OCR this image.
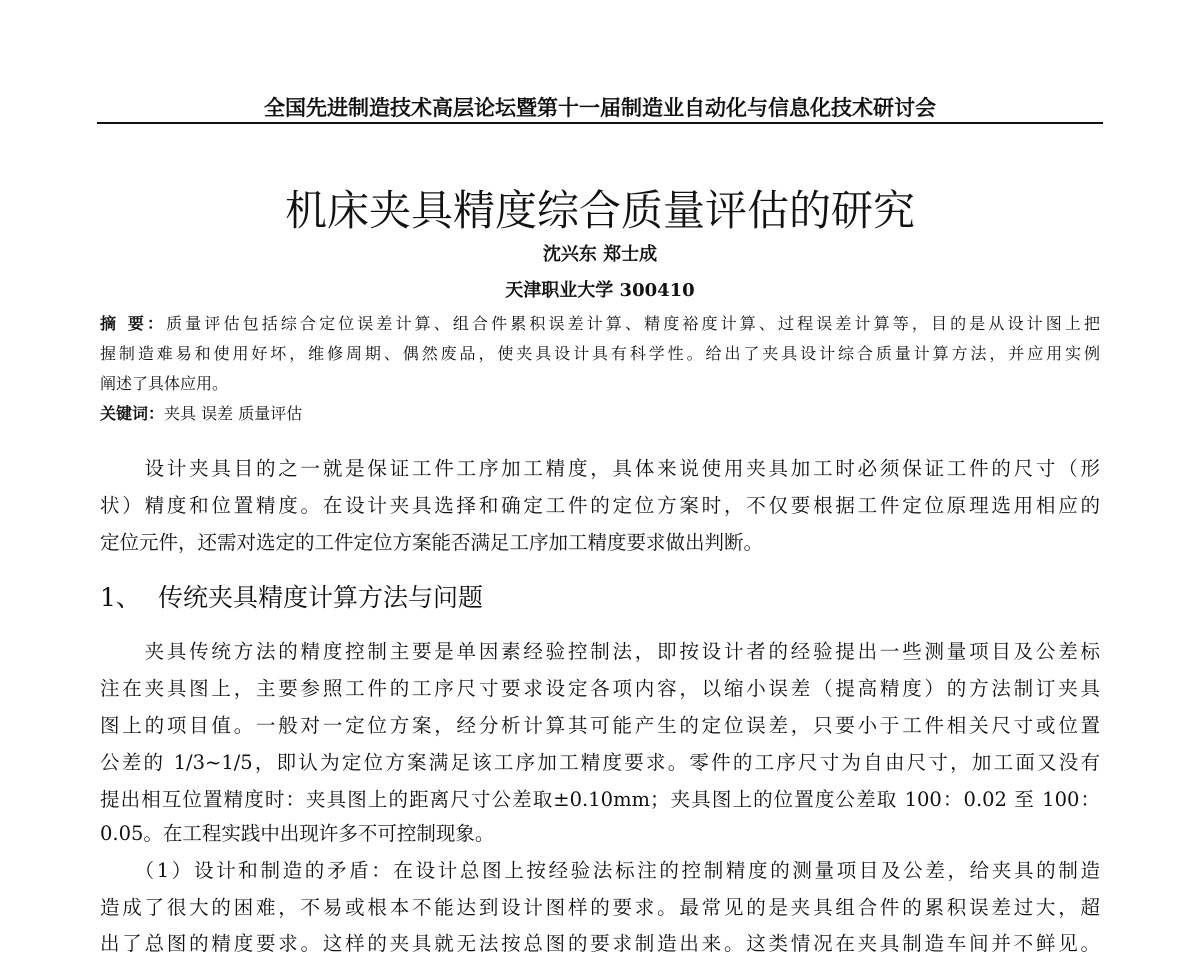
全国先进制造技术高层论坛暨第十一届制造业自动化与信息化技术研讨会
机床夹具精度综合质量评估的研究
沈兴东 郑士成
天津职业大学 300410
摘 要：质量评估包括综合定位误差计算、组合件累积误差计算、精度裕度计算、过程误差计算等，目的是从设计图上把
握制造难易和使用好坏，维修周期、偶然废品，使夹具设计具有科学性。给出了夹具设计综合质量计算方法，并应用实例
阐述了具体应用。
关键词：夹具 误差 质量评估
　　设计夹具目的之一就是保证工件工序加工精度，具体来说使用夹具加工时必须保证工件的尺寸（形
状）精度和位置精度。在设计夹具选择和确定工件的定位方案时，不仅要根据工件定位原理选用相应的
定位元件，还需对选定的工件定位方案能否满足工序加工精度要求做出判断。
1、 传统夹具精度计算方法与问题
　　夹具传统方法的精度控制主要是单因素经验控制法，即按设计者的经验提出一些测量项目及公差标
注在夹具图上，主要参照工件的工序尺寸要求设定各项内容，以缩小误差（提高精度）的方法制订夹具
图上的项目值。一般对一定位方案，经分析计算其可能产生的定位误差，只要小于工件相关尺寸或位置
公差的 1/3~1/5，即认为定位方案满足该工序加工精度要求。零件的工序尺寸为自由尺寸，加工面又没有
提出相互位置精度时：夹具图上的距离尺寸公差取±0.10mm；夹具图上的位置度公差取 100：0.02 至 100：
0.05。在工程实践中出现许多不可控制现象。
　　（1）设计和制造的矛盾：在设计总图上按经验法标注的控制精度的测量项目及公差，给夹具的制造
造成了很大的困难，不易或根本不能达到设计图样的要求。最常见的是夹具组合件的累积误差过大，超
出了总图的精度要求。这样的夹具就无法按总图的要求制造出来。这类情况在夹具制造车间并不鲜见。
